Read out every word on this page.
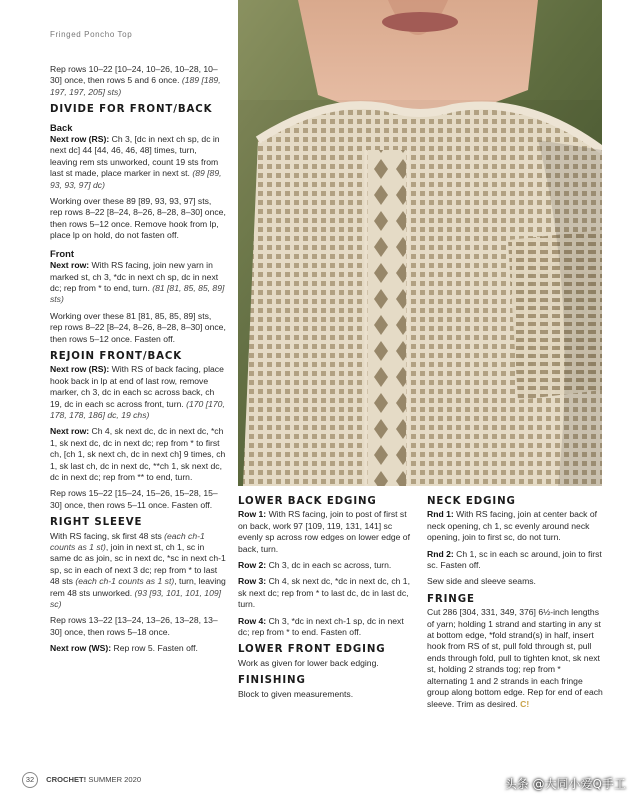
Fringed Poncho Top

Rep rows 10–22 [10–24, 10–26, 10–28, 10–30] once, then rows 5 and 6 once. (189 [189, 197, 197, 205] sts)

DIVIDE FOR FRONT/BACK
Back

Next row (RS): Ch 3, [dc in next ch sp, dc in next dc] 44 [44, 46, 46, 48] times, turn, leaving rem sts unworked, count 19 sts from last st made, place marker in next st. (89 [89, 93, 93, 97] dc)

Working over these 89 [89, 93, 93, 97] sts, rep rows 8–22 [8–24, 8–26, 8–28, 8–30] once, then rows 5–12 once. Remove hook from lp, place lp on hold, do not fasten off.

Front

Next row: With RS facing, join new yarn in marked st, ch 3, *dc in next ch sp, dc in next dc; rep from * to end, turn. (81 [81, 85, 85, 89] sts)

Working over these 81 [81, 85, 85, 89] sts, rep rows 8–22 [8–24, 8–26, 8–28, 8–30] once, then rows 5–12 once. Fasten off.

REJOIN FRONT/BACK

Next row (RS): With RS of back facing, place hook back in lp at end of last row, remove marker, ch 3, dc in each sc across back, ch 19, dc in each sc across front, turn. (170 [170, 178, 178, 186] dc, 19 chs)

Next row: Ch 4, sk next dc, dc in next dc, *ch 1, sk next dc, dc in next dc; rep from * to first ch, [ch 1, sk next ch, dc in next ch] 9 times, ch 1, sk last ch, dc in next dc, **ch 1, sk next dc, dc in next dc; rep from ** to end, turn.

Rep rows 15–22 [15–24, 15–26, 15–28, 15–30] once, then rows 5–11 once. Fasten off.

RIGHT SLEEVE

With RS facing, sk first 48 sts (each ch-1 counts as 1 st), join in next st, ch 1, sc in same dc as join, sc in next dc, *sc in next ch-1 sp, sc in each of next 3 dc; rep from * to last 48 sts (each ch-1 counts as 1 st), turn, leaving rem 48 sts unworked. (93 [93, 101, 101, 109] sc)

Rep rows 13–22 [13–24, 13–26, 13–28, 13–30] once, then rows 5–18 once.

Next row (WS): Rep row 5. Fasten off.

LOWER BACK EDGING

Row 1: With RS facing, join to post of first st on back, work 97 [109, 119, 131, 141] sc evenly sp across row edges on lower edge of back, turn.

Row 2: Ch 3, dc in each sc across, turn.

Row 3: Ch 4, sk next dc, *dc in next dc, ch 1, sk next dc; rep from * to last dc, dc in last dc, turn.

Row 4: Ch 3, *dc in next ch-1 sp, dc in next dc; rep from * to end. Fasten off.

LOWER FRONT EDGING

Work as given for lower back edging.

FINISHING

Block to given measurements.

NECK EDGING

Rnd 1: With RS facing, join at center back of neck opening, ch 1, sc evenly around neck opening, join to first sc, do not turn.

Rnd 2: Ch 1, sc in each sc around, join to first sc. Fasten off.

Sew side and sleeve seams.

FRINGE

Cut 286 [304, 331, 349, 376] 6½-inch lengths of yarn; holding 1 strand and starting in any st at bottom edge, *fold strand(s) in half, insert hook from RS of st, pull fold through st, pull ends through fold, pull to tighten knot, sk next st, holding 2 strands tog; rep from * alternating 1 and 2 strands in each fringe group along bottom edge. Rep for end of each sleeve. Trim as desired. C!

32 CROCHET! SUMMER 2020	头条 @大同小爱Q手工
